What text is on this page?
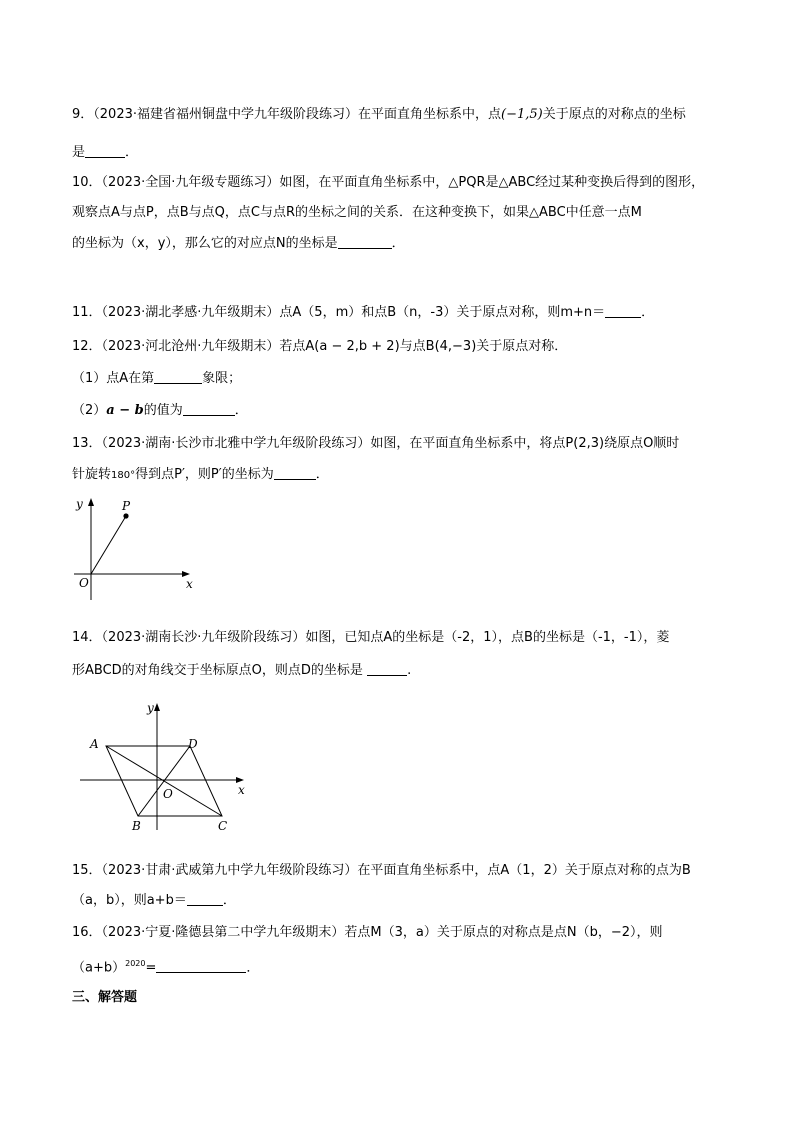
9．（2023·福建省福州铜盘中学九年级阶段练习）在平面直角坐标系中，点(−1,5)关于原点的对称点的坐标
是	．
10．（2023·全国·九年级专题练习）如图，在平面直角坐标系中，△PQR是△ABC经过某种变换后得到的图形，
观察点A与点P，点B与点Q，点C与点R的坐标之间的关系．在这种变换下，如果△ABC中任意一点M
的坐标为（x，y），那么它的对应点N的坐标是	．
11．（2023·湖北孝感·九年级期末）点A（5，m）和点B（n，-3）关于原点对称，则m+n＝	．
12．（2023·河北沧州·九年级期末）若点A(a − 2,b + 2)与点B(4,−3)关于原点对称．
（1）点A在第	象限；
（2）a − b的值为	．
13．（2023·湖南·长沙市北雅中学九年级阶段练习）如图，在平面直角坐标系中，将点P(2,3)绕原点O顺时
针旋转180°得到点P′，则P′的坐标为	．
y
x
O
P
14．（2023·湖南长沙·九年级阶段练习）如图，已知点A的坐标是（-2，1），点B的坐标是（-1，-1），菱
形ABCD的对角线交于坐标原点O，则点D的坐标是	.
y
x
O
A	D
B	C
15．（2023·甘肃·武威第九中学九年级阶段练习）在平面直角坐标系中，点A（1，2）关于原点对称的点为B
（a，b），则a+b＝	．
16．（2023·宁夏·隆德县第二中学九年级期末）若点M（3，a）关于原点的对称点是点N（b，−2），则
$(a+b)^{2020}=$	．
三、解答题
